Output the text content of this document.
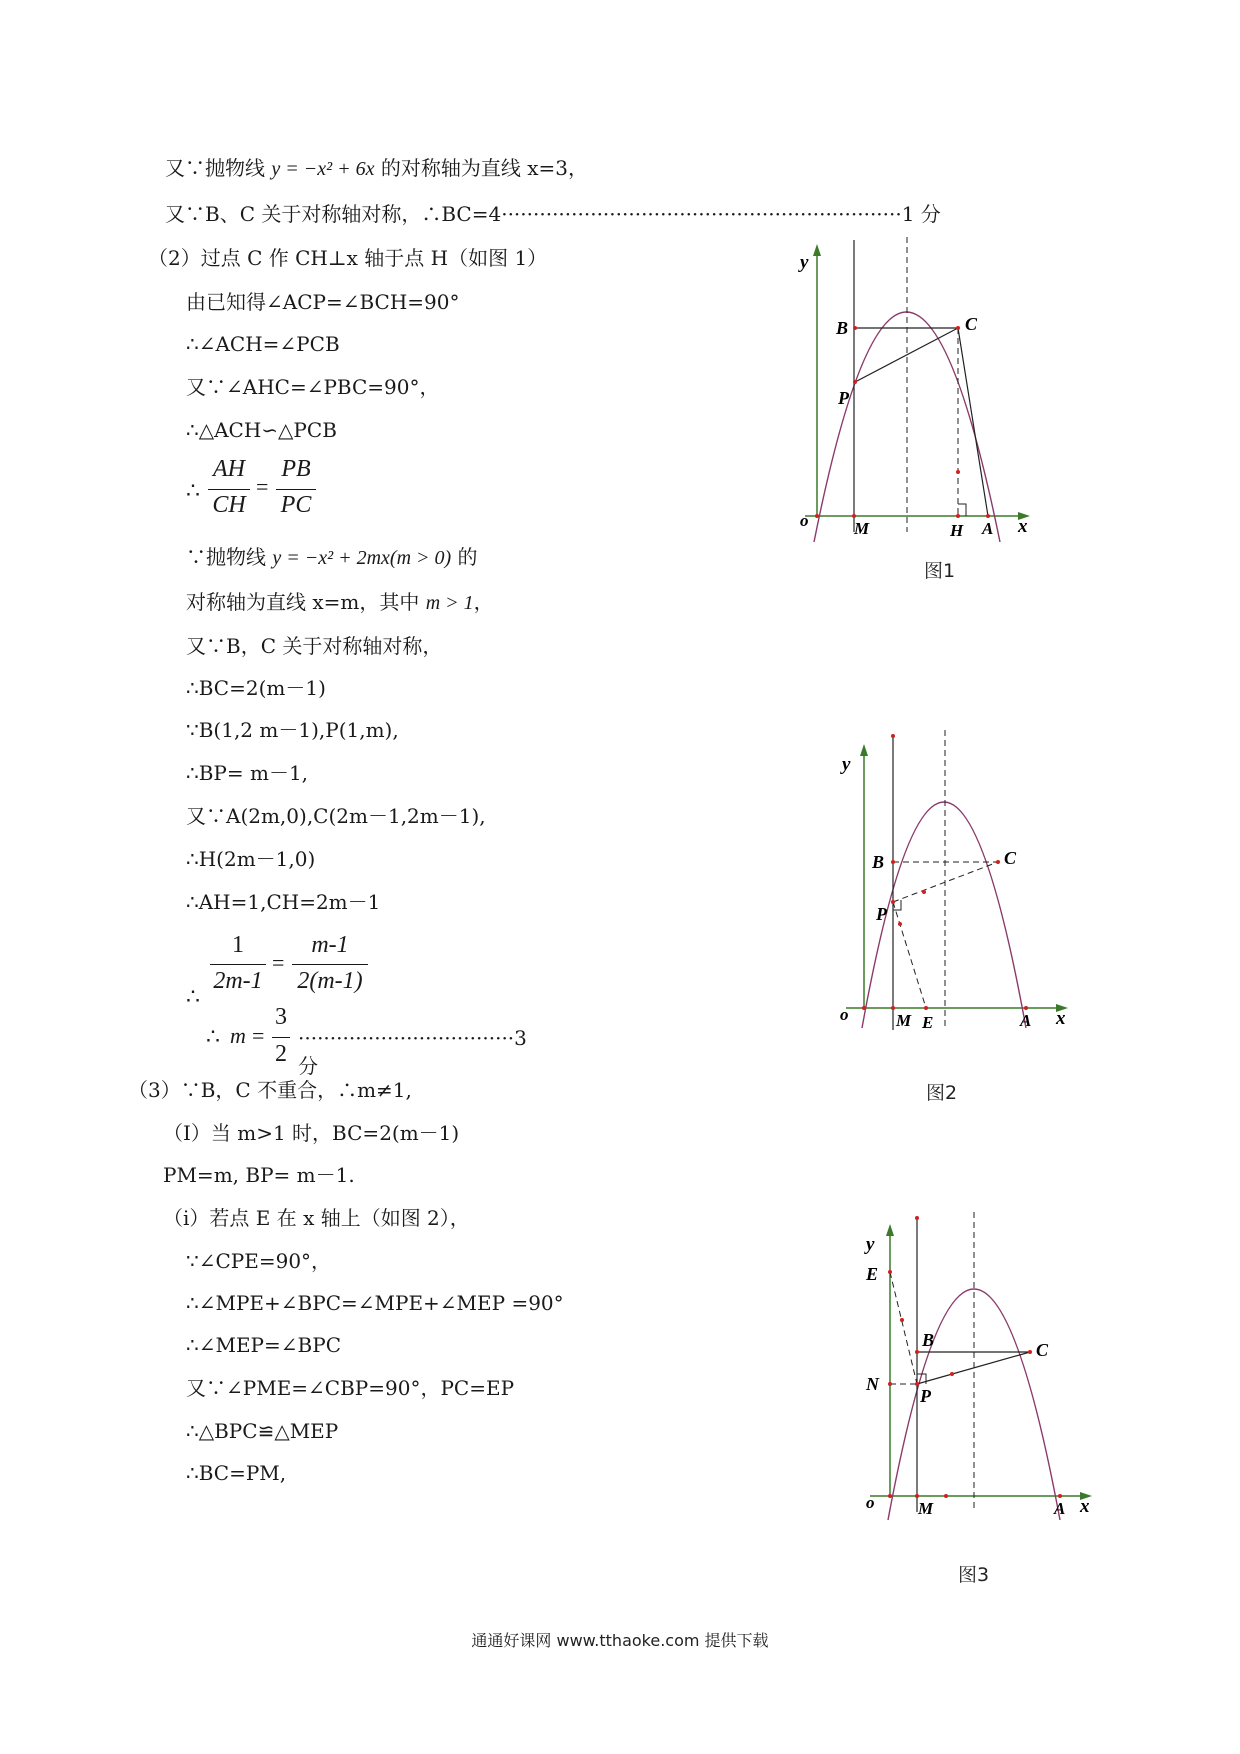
又∵抛物线 y = −x² + 6x 的对称轴为直线 x=3，
又∵B、C 关于对称轴对称，∴BC=4·······························································1 分
（2）过点 C 作 CH⊥x 轴于点 H（如图 1）
由已知得∠ACP=∠BCH=90°
∴∠ACH=∠PCB
又∵∠AHC=∠PBC=90°，
∴△ACH∽△PCB
∴
AH
CH
=
PB
PC
∵抛物线 y = −x² + 2mx(m > 0) 的
对称轴为直线 x=m，其中 m > 1，
又∵B，C 关于对称轴对称，
∴BC=2(m－1)
∵B(1,2 m－1),P(1,m),
∴BP= m－1,
又∵A(2m,0),C(2m－1,2m－1),
∴H(2m－1,0)
∴AH=1,CH=2m－1
1
2m-1
=
m-1
2(m-1)
∴
∴ m =
3
2
··································3分
（3）∵B，C 不重合，∴m≠1,
（Ⅰ）当 m>1 时，BC=2(m－1)
PM=m, BP= m－1.
（ⅰ）若点 E 在 x 轴上（如图 2），
∵∠CPE=90°，
∴∠MPE+∠BPC=∠MPE+∠MEP =90°
∴∠MEP=∠BPC
又∵∠PME=∠CBP=90°，PC=EP
∴△BPC≌△MEP
∴BC=PM,
y
B	C
P
o	M	H A x
图1
y
B	C
P
o	M E	A x
图2
y
E
B	C
N
P
o	M	A x
图3
通通好课网 www.tthaoke.com 提供下载
